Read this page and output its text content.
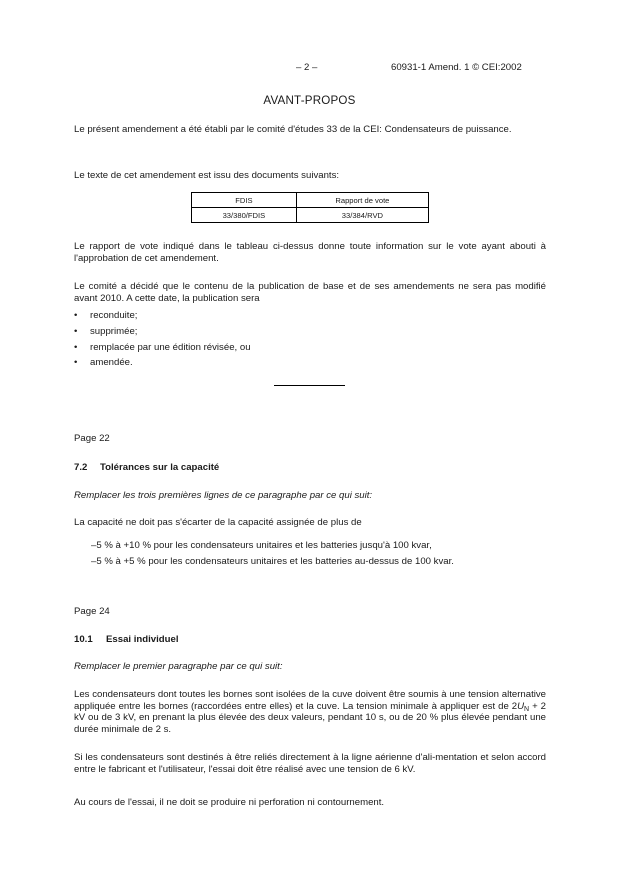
– 2 –	60931-1 Amend. 1 © CEI:2002
AVANT-PROPOS
Le présent amendement a été établi par le comité d'études 33 de la CEI: Condensateurs de puissance.
Le texte de cet amendement est issu des documents suivants:
FDIS	Rapport de vote
33/380/FDIS	33/384/RVD
Le rapport de vote indiqué dans le tableau ci-dessus donne toute information sur le vote ayant abouti à l'approbation de cet amendement.
Le comité a décidé que le contenu de la publication de base et de ses amendements ne sera pas modifié avant 2010. A cette date, la publication sera
• reconduite;
• supprimée;
• remplacée par une édition révisée, ou
• amendée.
Page 22
7.2 Tolérances sur la capacité
Remplacer les trois premières lignes de ce paragraphe par ce qui suit:
La capacité ne doit pas s'écarter de la capacité assignée de plus de
–5 % à +10 % pour les condensateurs unitaires et les batteries jusqu'à 100 kvar,
–5 % à +5 % pour les condensateurs unitaires et les batteries au-dessus de 100 kvar.
Page 24
10.1 Essai individuel
Remplacer le premier paragraphe par ce qui suit:
Les condensateurs dont toutes les bornes sont isolées de la cuve doivent être soumis à une tension alternative appliquée entre les bornes (raccordées entre elles) et la cuve. La tension minimale à appliquer est de $2U_N + 2$ kV ou de 3 kV, en prenant la plus élevée des deux valeurs, pendant 10 s, ou de 20 % plus élevée pendant une durée minimale de 2 s.
Si les condensateurs sont destinés à être reliés directement à la ligne aérienne d'ali-mentation et selon accord entre le fabricant et l'utilisateur, l'essai doit être réalisé avec une tension de 6 kV.
Au cours de l'essai, il ne doit se produire ni perforation ni contournement.
